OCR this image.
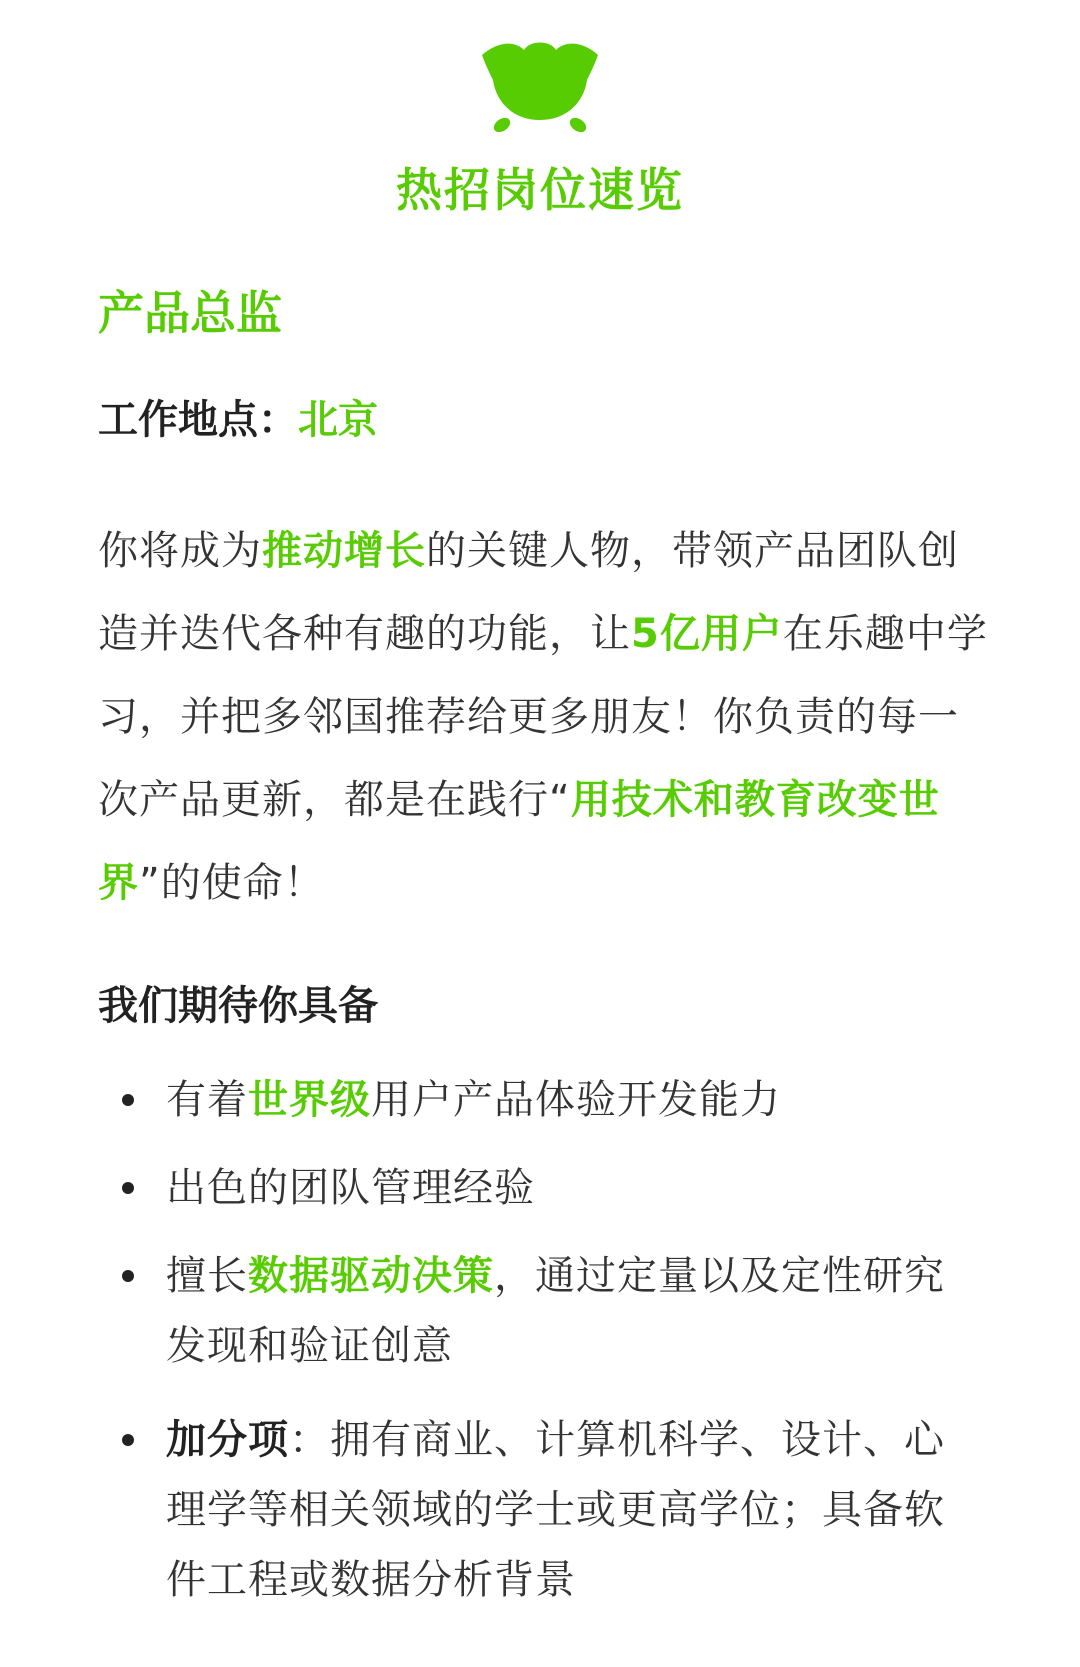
热招岗位速览
产品总监
工作地点：北京
你将成为推动增长的关键人物，带领产品团队创造并迭代各种有趣的功能，让5亿用户在乐趣中学习，并把多邻国推荐给更多朋友！你负责的每一次产品更新，都是在践行“用技术和教育改变世界”的使命！
我们期待你具备
有着世界级用户产品体验开发能力
出色的团队管理经验
擅长数据驱动决策，通过定量以及定性研究发现和验证创意
加分项：拥有商业、计算机科学、设计、心理学等相关领域的学士或更高学位；具备软件工程或数据分析背景
